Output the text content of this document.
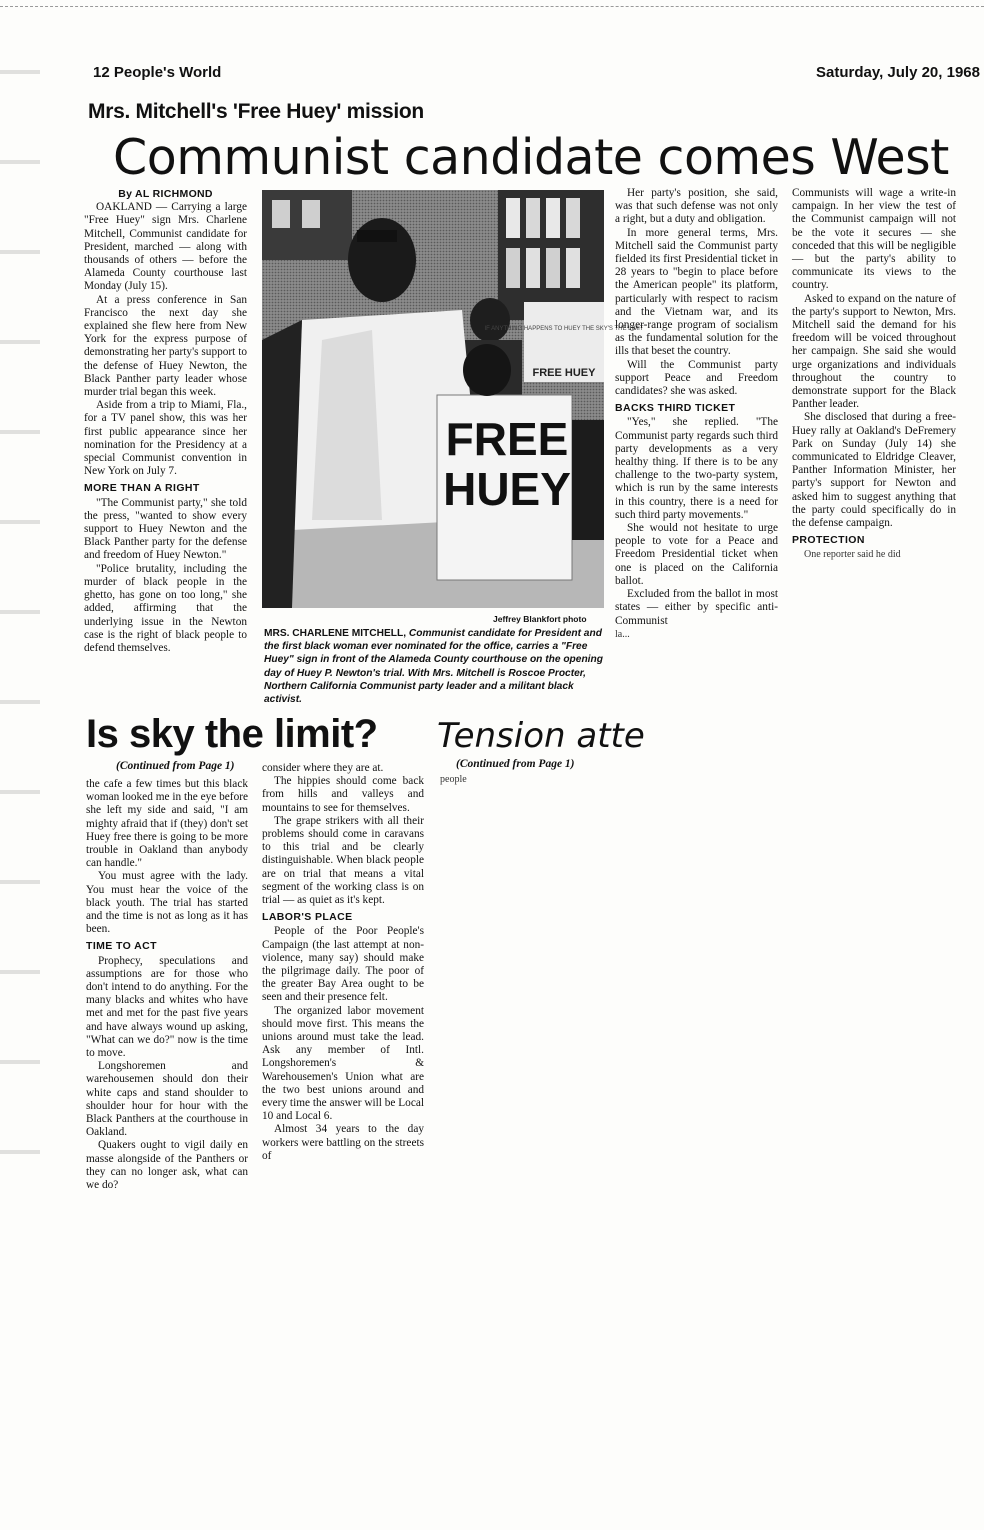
12 People's World	Saturday, July 20, 1968
Mrs. Mitchell's 'Free Huey' mission
Communist candidate comes West
By AL RICHMOND

OAKLAND — Carrying a large "Free Huey" sign Mrs. Charlene Mitchell, Communist candidate for President, marched — along with thousands of others — before the Alameda County courthouse last Monday (July 15).

At a press conference in San Francisco the next day she explained she flew here from New York for the express purpose of demonstrating her party's support to the defense of Huey Newton, the Black Panther party leader whose murder trial began this week.

Aside from a trip to Miami, Fla., for a TV panel show, this was her first public appearance since her nomination for the Presidency at a special Communist convention in New York on July 7.

MORE THAN A RIGHT

"The Communist party," she told the press, "wanted to show every support to Huey Newton and the Black Panther party for the defense and freedom of Huey Newton."

"Police brutality, including the murder of black people in the ghetto, has gone on too long," she added, affirming that the underlying issue in the Newton case is the right of black people to defend themselves.

IF ANYTHING HAPPENS TO HUEY THE SKY'S THE LIMIT
FREE HUEY
FREE
HUEY
Jeffrey Blankfort photo
MRS. CHARLENE MITCHELL, Communist candidate for President and the first black woman ever nominated for the office, carries a "Free Huey" sign in front of the Alameda County courthouse on the opening day of Huey P. Newton's trial. With Mrs. Mitchell is Roscoe Procter, Northern California Communist party leader and a militant black activist.

Her party's position, she said, was that such defense was not only a right, but a duty and obligation.

In more general terms, Mrs. Mitchell said the Communist party fielded its first Presidential ticket in 28 years to "begin to place before the American people" its platform, particularly with respect to racism and the Vietnam war, and its longer-range program of socialism as the fundamental solution for the ills that beset the country.

Will the Communist party support Peace and Freedom candidates? she was asked.

BACKS THIRD TICKET

"Yes," she replied. "The Communist party regards such third party developments as a very healthy thing. If there is to be any challenge to the two-party system, which is run by the same interests in this country, there is a need for such third party movements."

She would not hesitate to urge people to vote for a Peace and Freedom Presidential ticket when one is placed on the California ballot.

Excluded from the ballot in most states — either by specific anti-Communist

la...

Communists will wage a write-in campaign. In her view the test of the Communist campaign will not be the vote it secures — she conceded that this will be negligible — but the party's ability to communicate its views to the country.

Asked to expand on the nature of the party's support to Newton, Mrs. Mitchell said the demand for his freedom will be voiced throughout her campaign. She said she would urge organizations and individuals throughout the country to demonstrate support for the Black Panther leader.

She disclosed that during a free-Huey rally at Oakland's DeFremery Park on Sunday (July 14) she communicated to Eldridge Cleaver, Panther Information Minister, her party's support for Newton and asked him to suggest anything that the party could specifically do in the defense campaign.

PROTECTION

One reporter said he did

Is sky the limit?
(Continued from Page 1)

the cafe a few times but this black woman looked me in the eye before she left my side and said, "I am mighty afraid that if (they) don't set Huey free there is going to be more trouble in Oakland than anybody can handle."

You must agree with the lady. You must hear the voice of the black youth. The trial has started and the time is not as long as it has been.

TIME TO ACT

Prophecy, speculations and assumptions are for those who don't intend to do anything. For the many blacks and whites who have met and met for the past five years and have always wound up asking, "What can we do?" now is the time to move.

Longshoremen and warehousemen should don their white caps and stand shoulder to shoulder hour for hour with the Black Panthers at the courthouse in Oakland.

Quakers ought to vigil daily en masse alongside of the Panthers or they can no longer ask, what can we do?

consider where they are at.

The hippies should come back from hills and valleys and mountains to see for themselves.

The grape strikers with all their problems should come in caravans to this trial and be clearly distinguishable. When black people are on trial that means a vital segment of the working class is on trial — as quiet as it's kept.

LABOR'S PLACE

People of the Poor People's Campaign (the last attempt at non-violence, many say) should make the pilgrimage daily. The poor of the greater Bay Area ought to be seen and their presence felt.

The organized labor movement should move first. This means the unions around must take the lead. Ask any member of Intl. Longshoremen's & Warehousemen's Union what are the two best unions around and every time the answer will be Local 10 and Local 6.

Almost 34 years to the day workers were battling on the streets of

Tension atte
(Continued from Page 1)
people
